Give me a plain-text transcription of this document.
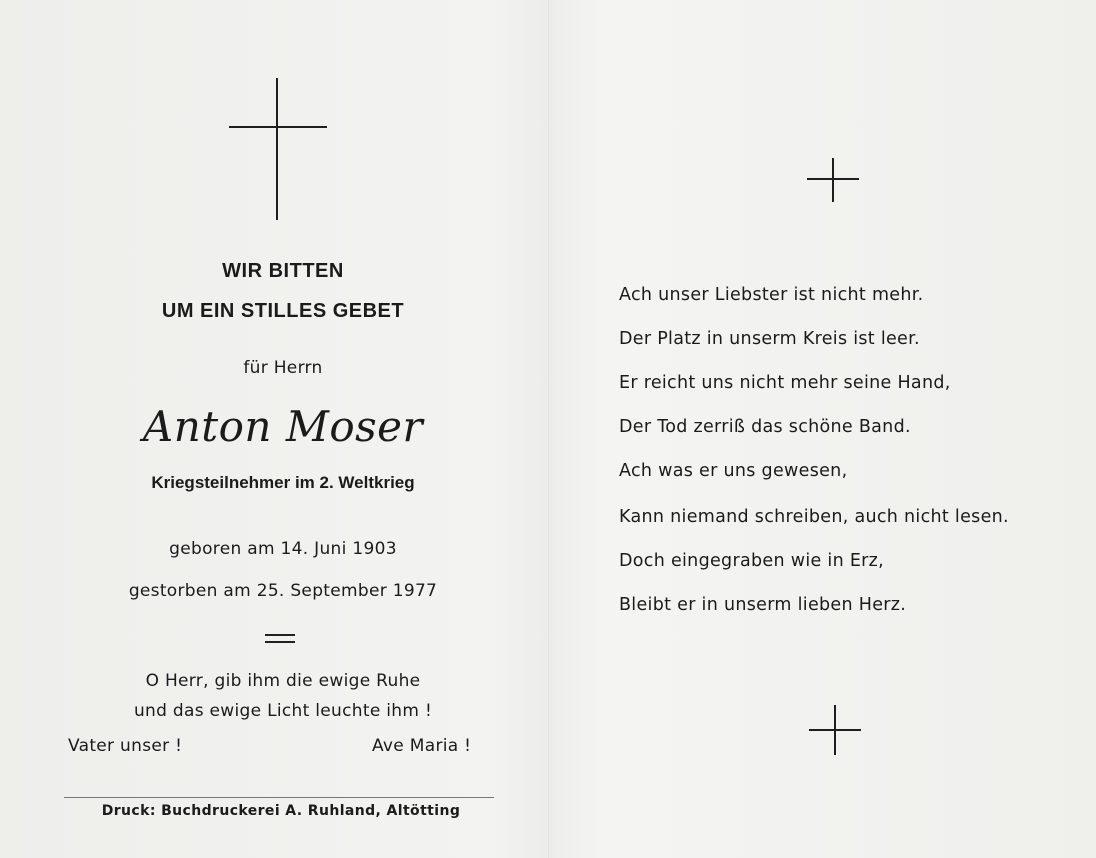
WIR BITTEN
UM EIN STILLES GEBET
für Herrn
Anton Moser
Kriegsteilnehmer im 2. Weltkrieg
geboren am 14. Juni 1903
gestorben am 25. September 1977
O Herr, gib ihm die ewige Ruhe
und das ewige Licht leuchte ihm !
Vater unser !	Ave Maria !
Druck: Buchdruckerei A. Ruhland, Altötting
Ach unser Liebster ist nicht mehr.
Der Platz in unserm Kreis ist leer.
Er reicht uns nicht mehr seine Hand,
Der Tod zerriß das schöne Band.
Ach was er uns gewesen,
Kann niemand schreiben, auch nicht lesen.
Doch eingegraben wie in Erz,
Bleibt er in unserm lieben Herz.
